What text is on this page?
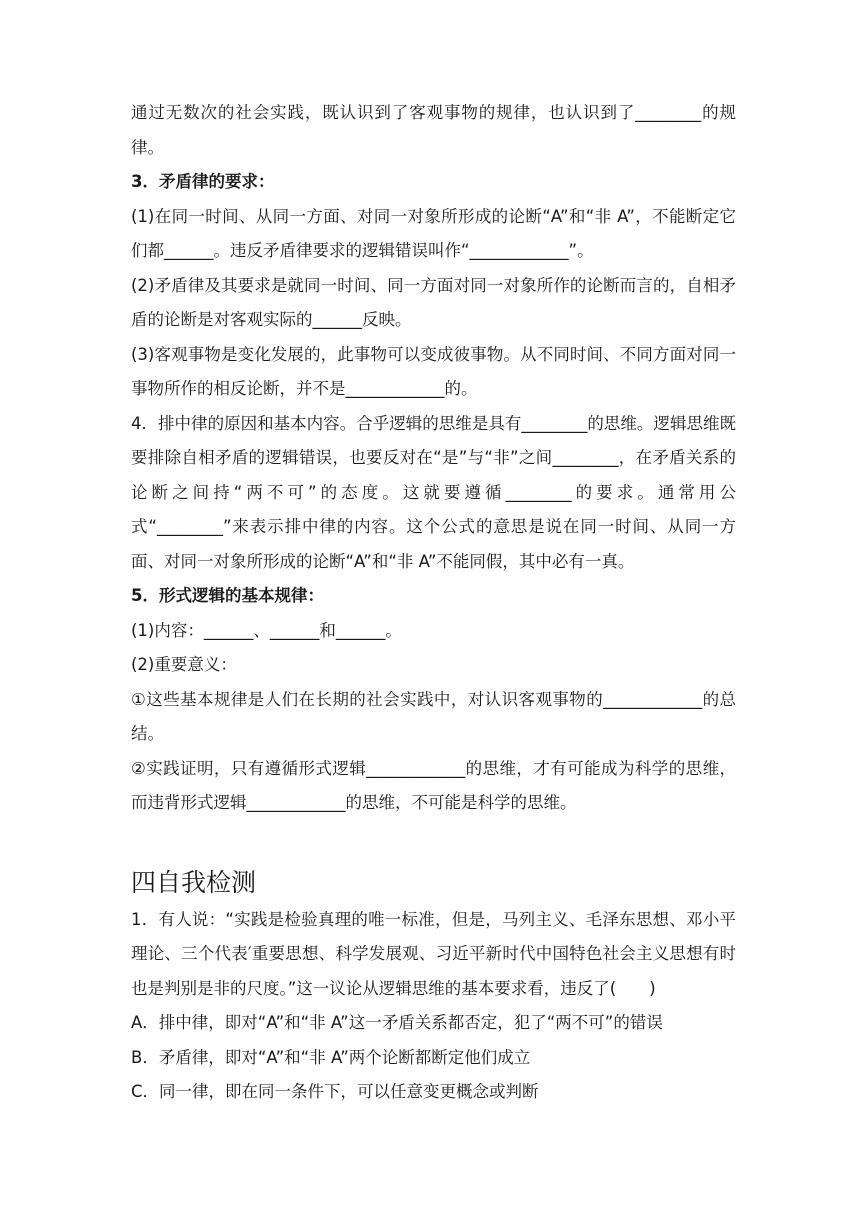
通过无数次的社会实践，既认识到了客观事物的规律，也认识到了________的规律。

3．矛盾律的要求：

(1)在同一时间、从同一方面、对同一对象所形成的论断“A”和“非 A”，不能断定它们都______。违反矛盾律要求的逻辑错误叫作“____________”。

(2)矛盾律及其要求是就同一时间、同一方面对同一对象所作的论断而言的，自相矛盾的论断是对客观实际的______反映。

(3)客观事物是变化发展的，此事物可以变成彼事物。从不同时间、不同方面对同一事物所作的相反论断，并不是____________的。

4．排中律的原因和基本内容。合乎逻辑的思维是具有________的思维。逻辑思维既要排除自相矛盾的逻辑错误，也要反对在“是”与“非”之间________，在矛盾关系的论断之间持“两不可”的态度。这就要遵循________的要求。通常用公式“________”来表示排中律的内容。这个公式的意思是说在同一时间、从同一方面、对同一对象所形成的论断“A”和“非 A”不能同假，其中必有一真。

5．形式逻辑的基本规律：

(1)内容：______、______和______。

(2)重要意义：

①这些基本规律是人们在长期的社会实践中，对认识客观事物的____________的总结。

②实践证明，只有遵循形式逻辑____________的思维，才有可能成为科学的思维，而违背形式逻辑____________的思维，不可能是科学的思维。

四自我检测

1．有人说：“实践是检验真理的唯一标准，但是，马列主义、毛泽东思想、邓小平理论、三个代表′重要思想、科学发展观、习近平新时代中国特色社会主义思想有时也是判别是非的尺度。”这一议论从逻辑思维的基本要求看，违反了(　　)

A．排中律，即对“A”和“非 A”这一矛盾关系都否定，犯了“两不可”的错误

B．矛盾律，即对“A”和“非 A”两个论断都断定他们成立

C．同一律，即在同一条件下，可以任意变更概念或判断
